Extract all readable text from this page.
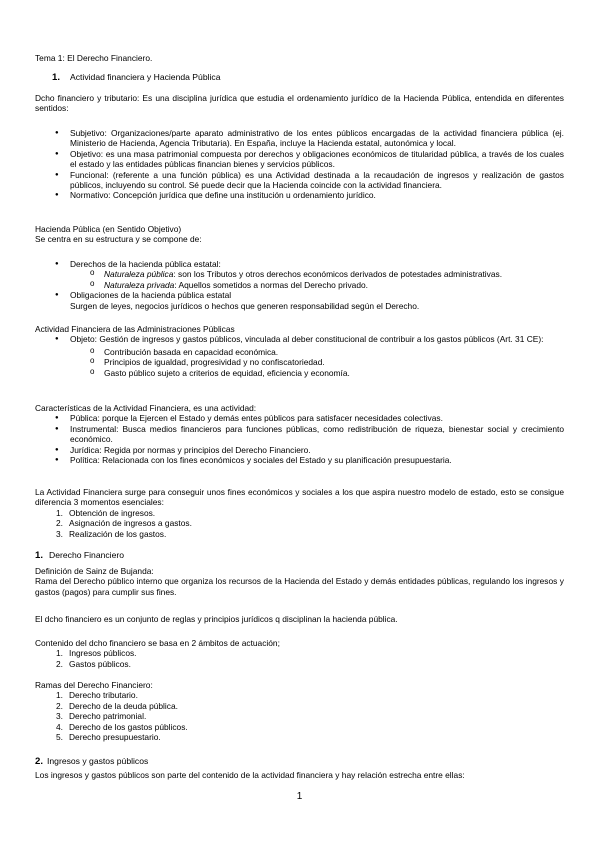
Tema 1: El Derecho Financiero.

1. Actividad financiera y Hacienda Pública

Dcho financiero y tributario: Es una disciplina jurídica que estudia el ordenamiento jurídico de la Hacienda Pública, entendida en diferentes sentidos:

● Subjetivo: Organizaciones/parte aparato administrativo de los entes públicos encargadas de la actividad financiera pública (ej. Ministerio de Hacienda, Agencia Tributaria). En España, incluye la Hacienda estatal, autonómica y local.
● Objetivo: es una masa patrimonial compuesta por derechos y obligaciones económicos de titularidad pública, a través de los cuales el estado y las entidades públicas financian bienes y servicios públicos.
● Funcional: (referente a una función pública) es una Actividad destinada a la recaudación de ingresos y realización de gastos públicos, incluyendo su control. Sé puede decir que la Hacienda coincide con la actividad financiera.
● Normativo: Concepción jurídica que define una institución u ordenamiento jurídico.

Hacienda Pública (en Sentido Objetivo)

Se centra en su estructura y se compone de:

● Derechos de la hacienda pública estatal:
o Naturaleza pública: son los Tributos y otros derechos económicos derivados de potestades administrativas.
o Naturaleza privada: Aquellos sometidos a normas del Derecho privado.
● Obligaciones de la hacienda pública estatal
Surgen de leyes, negocios jurídicos o hechos que generen responsabilidad según el Derecho.

Actividad Financiera de las Administraciones Públicas

● Objeto: Gestión de ingresos y gastos públicos, vinculada al deber constitucional de contribuir a los gastos públicos (Art. 31 CE):
o Contribución basada en capacidad económica.
o Principios de igualdad, progresividad y no confiscatoriedad.
o Gasto público sujeto a criterios de equidad, eficiencia y economía.

Características de la Actividad Financiera, es una actividad:

● Pública: porque la Ejercen el Estado y demás entes públicos para satisfacer necesidades colectivas.
● Instrumental: Busca medios financieros para funciones públicas, como redistribución de riqueza, bienestar social y crecimiento económico.
● Jurídica: Regida por normas y principios del Derecho Financiero.
● Política: Relacionada con los fines económicos y sociales del Estado y su planificación presupuestaria.

La Actividad Financiera surge para conseguir unos fines económicos y sociales a los que aspira nuestro modelo de estado, esto se consigue diferencia 3 momentos esenciales:

1. Obtención de ingresos.
2. Asignación de ingresos a gastos.
3. Realización de los gastos.

1. Derecho Financiero

Definición de Sainz de Bujanda:

Rama del Derecho público interno que organiza los recursos de la Hacienda del Estado y demás entidades públicas, regulando los ingresos y gastos (pagos) para cumplir sus fines.

El dcho financiero es un conjunto de reglas y principios jurídicos q disciplinan la hacienda pública.

Contenido del dcho financiero se basa en 2 ámbitos de actuación;

1. Ingresos públicos.
2. Gastos públicos.

Ramas del Derecho Financiero:

1. Derecho tributario.
2. Derecho de la deuda pública.
3. Derecho patrimonial.
4. Derecho de los gastos públicos.
5. Derecho presupuestario.

2. Ingresos y gastos públicos

Los ingresos y gastos públicos son parte del contenido de la actividad financiera y hay relación estrecha entre ellas:

1
